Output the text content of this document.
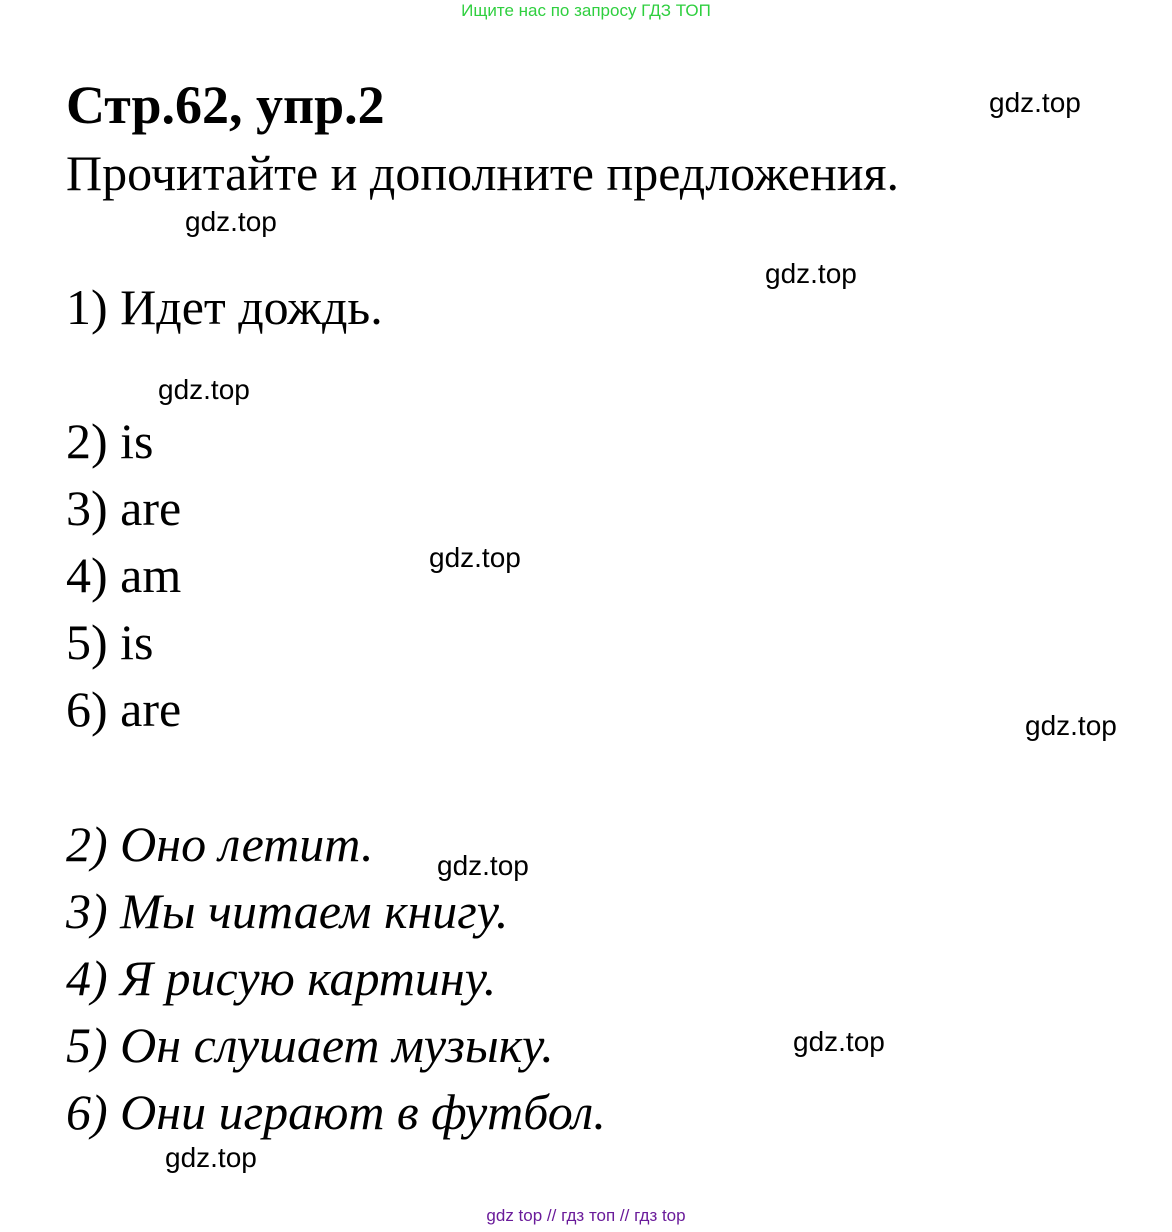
Ищите нас по запросу ГДЗ ТОП
Стр.62, упр.2
Прочитайте и дополните предложения.
1) Идет дождь.
2) is
3) are
4) am
5) is
6) are
2) Оно летит.
3) Мы читаем книгу.
4) Я рисую картину.
5) Он слушает музыку.
6) Они играют в футбол.
gdz.top
gdz.top
gdz.top
gdz.top
gdz.top
gdz.top
gdz.top
gdz.top
gdz.top
gdz top // гдз топ // гдз top
